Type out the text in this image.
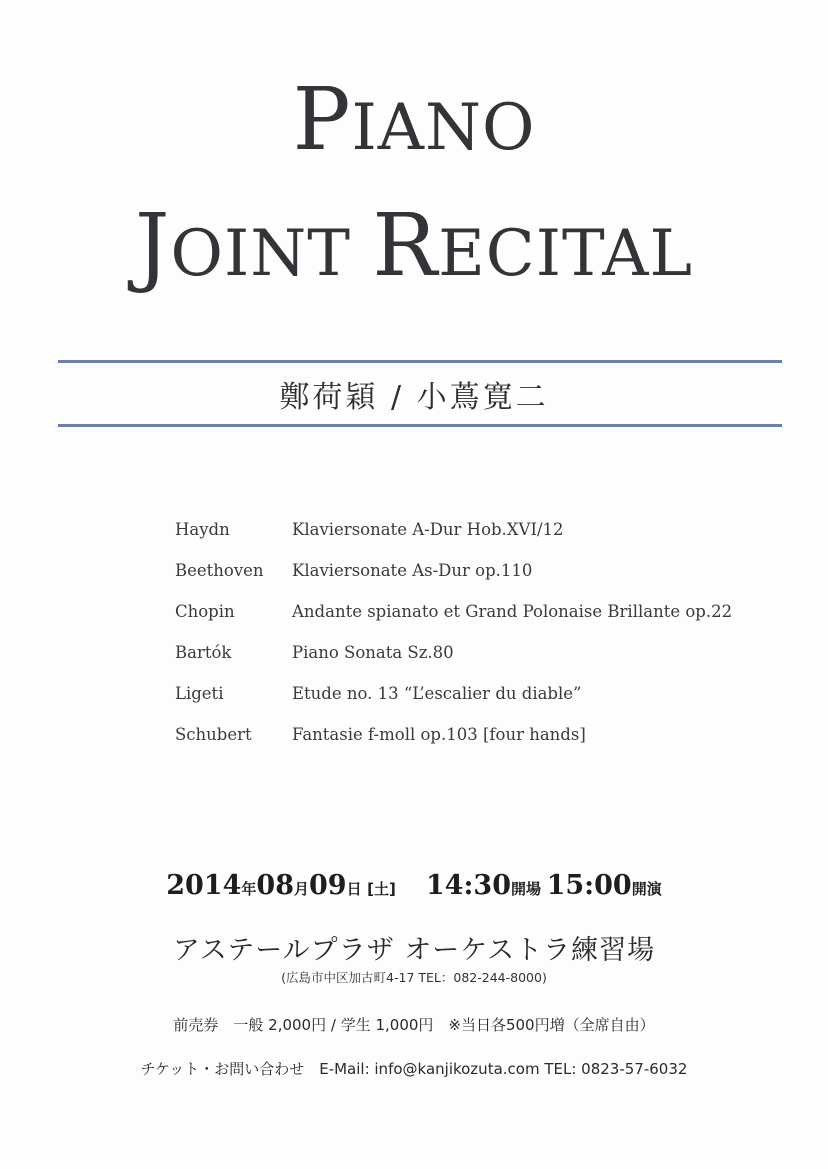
PIANO
JOINT RECITAL
鄭荷穎 / 小蔦寛二
Haydn	Klaviersonate A-Dur Hob.XVI/12
Beethoven	Klaviersonate As-Dur op.110
Chopin	Andante spianato et Grand Polonaise Brillante op.22
Bartók	Piano Sonata Sz.80
Ligeti	Etude no. 13 “L’escalier du diable”
Schubert	Fantasie f-moll op.103 [four hands]
2014年08月09日 [土] 14:30開場 15:00開演
アステールプラザ オーケストラ練習場
(広島市中区加古町4-17 TEL：082-244-8000)
前売券　一般 2,000円 / 学生 1,000円　※当日各500円増（全席自由）
チケット・お問い合わせ　E-Mail: info@kanjikozuta.com TEL: 0823-57-6032
